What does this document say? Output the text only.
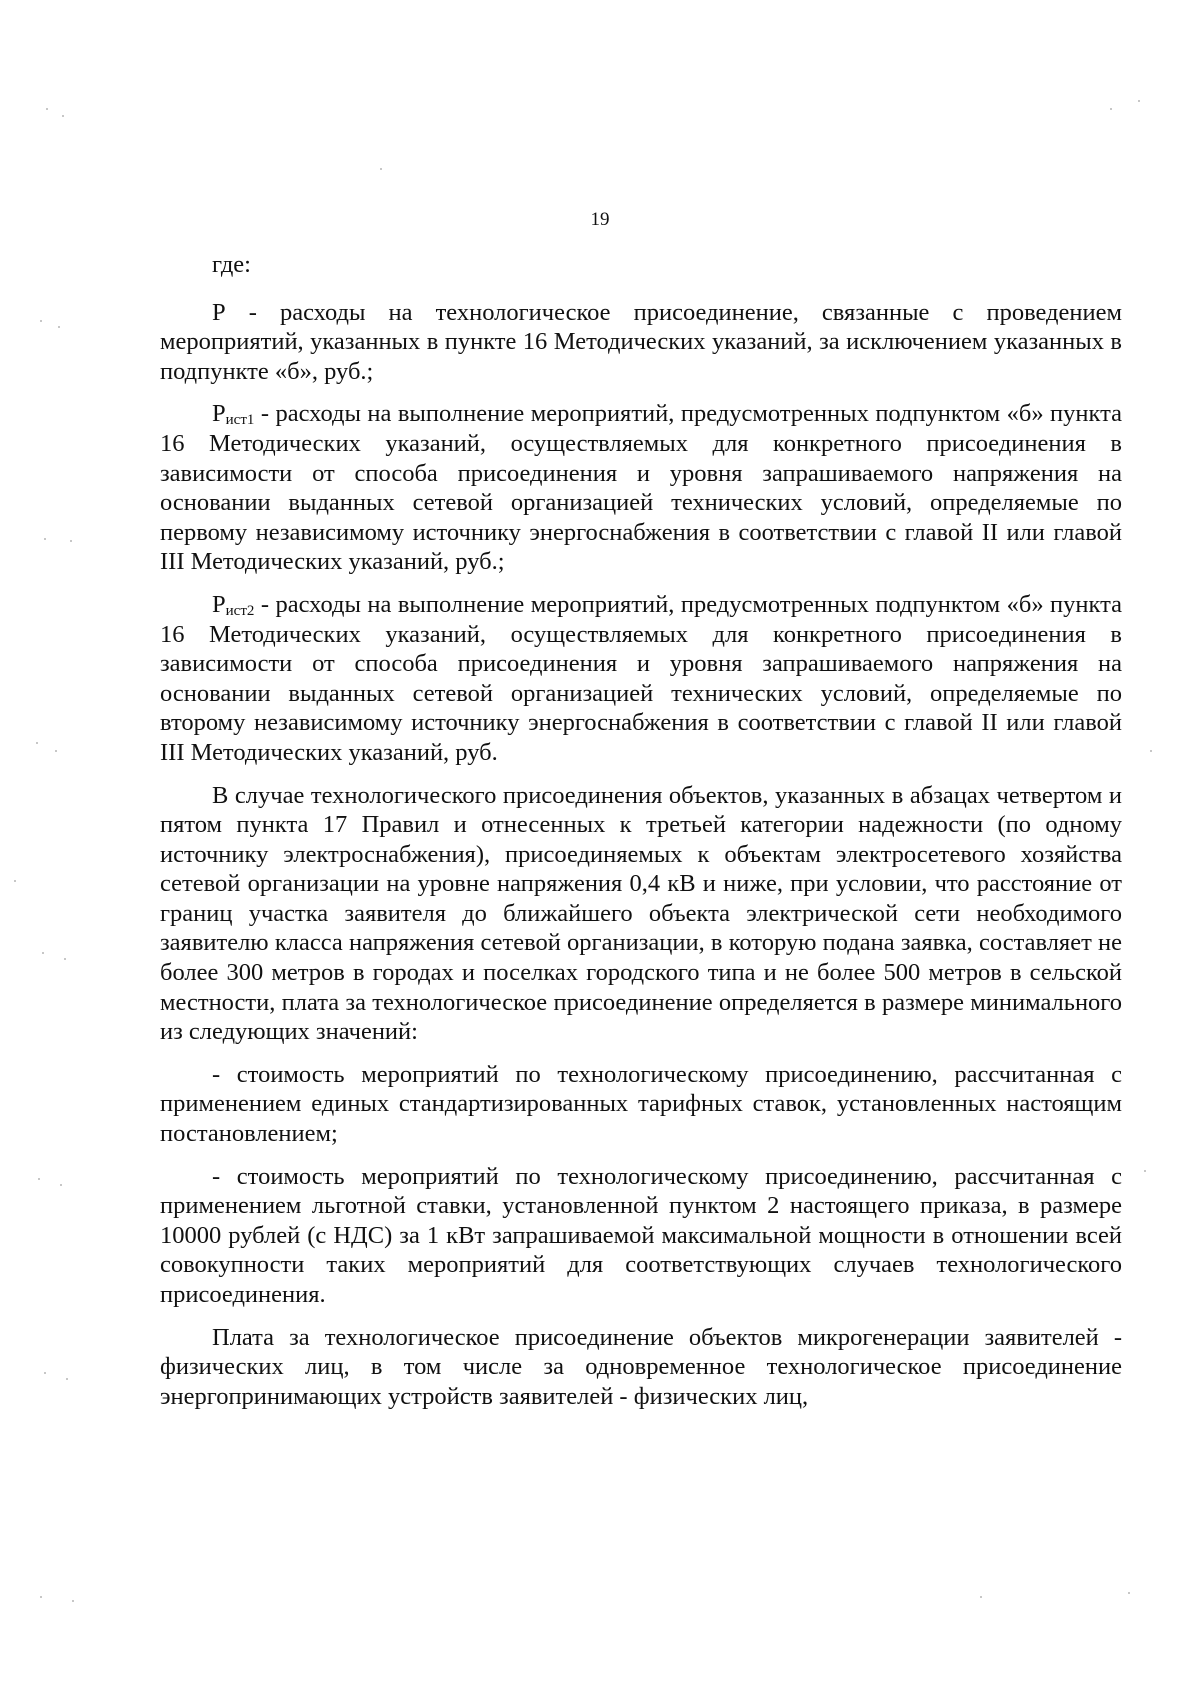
19

где:

Р - расходы на технологическое присоединение, связанные с проведением мероприятий, указанных в пункте 16 Методических указаний, за исключением указанных в подпункте «б», руб.;

$Р_{ист1}$ - расходы на выполнение мероприятий, предусмотренных подпунктом «б» пункта 16 Методических указаний, осуществляемых для конкретного присоединения в зависимости от способа присоединения и уровня запрашиваемого напряжения на основании выданных сетевой организацией технических условий, определяемые по первому независимому источнику энергоснабжения в соответствии с главой II или главой III Методических указаний, руб.;

$Р_{ист2}$ - расходы на выполнение мероприятий, предусмотренных подпунктом «б» пункта 16 Методических указаний, осуществляемых для конкретного присоединения в зависимости от способа присоединения и уровня запрашиваемого напряжения на основании выданных сетевой организацией технических условий, определяемые по второму независимому источнику энергоснабжения в соответствии с главой II или главой III Методических указаний, руб.

В случае технологического присоединения объектов, указанных в абзацах четвертом и пятом пункта 17 Правил и отнесенных к третьей категории надежности (по одному источнику электроснабжения), присоединяемых к объектам электросетевого хозяйства сетевой организации на уровне напряжения 0,4 кВ и ниже, при условии, что расстояние от границ участка заявителя до ближайшего объекта электрической сети необходимого заявителю класса напряжения сетевой организации, в которую подана заявка, составляет не более 300 метров в городах и поселках городского типа и не более 500 метров в сельской местности, плата за технологическое присоединение определяется в размере минимального из следующих значений:

- стоимость мероприятий по технологическому присоединению, рассчитанная с применением единых стандартизированных тарифных ставок, установленных настоящим постановлением;

- стоимость мероприятий по технологическому присоединению, рассчитанная с применением льготной ставки, установленной пунктом 2 настоящего приказа, в размере 10000 рублей (с НДС) за 1 кВт запрашиваемой максимальной мощности в отношении всей совокупности таких мероприятий для соответствующих случаев технологического присоединения.

Плата за технологическое присоединение объектов микрогенерации заявителей - физических лиц, в том числе за одновременное технологическое присоединение энергопринимающих устройств заявителей - физических лиц,
